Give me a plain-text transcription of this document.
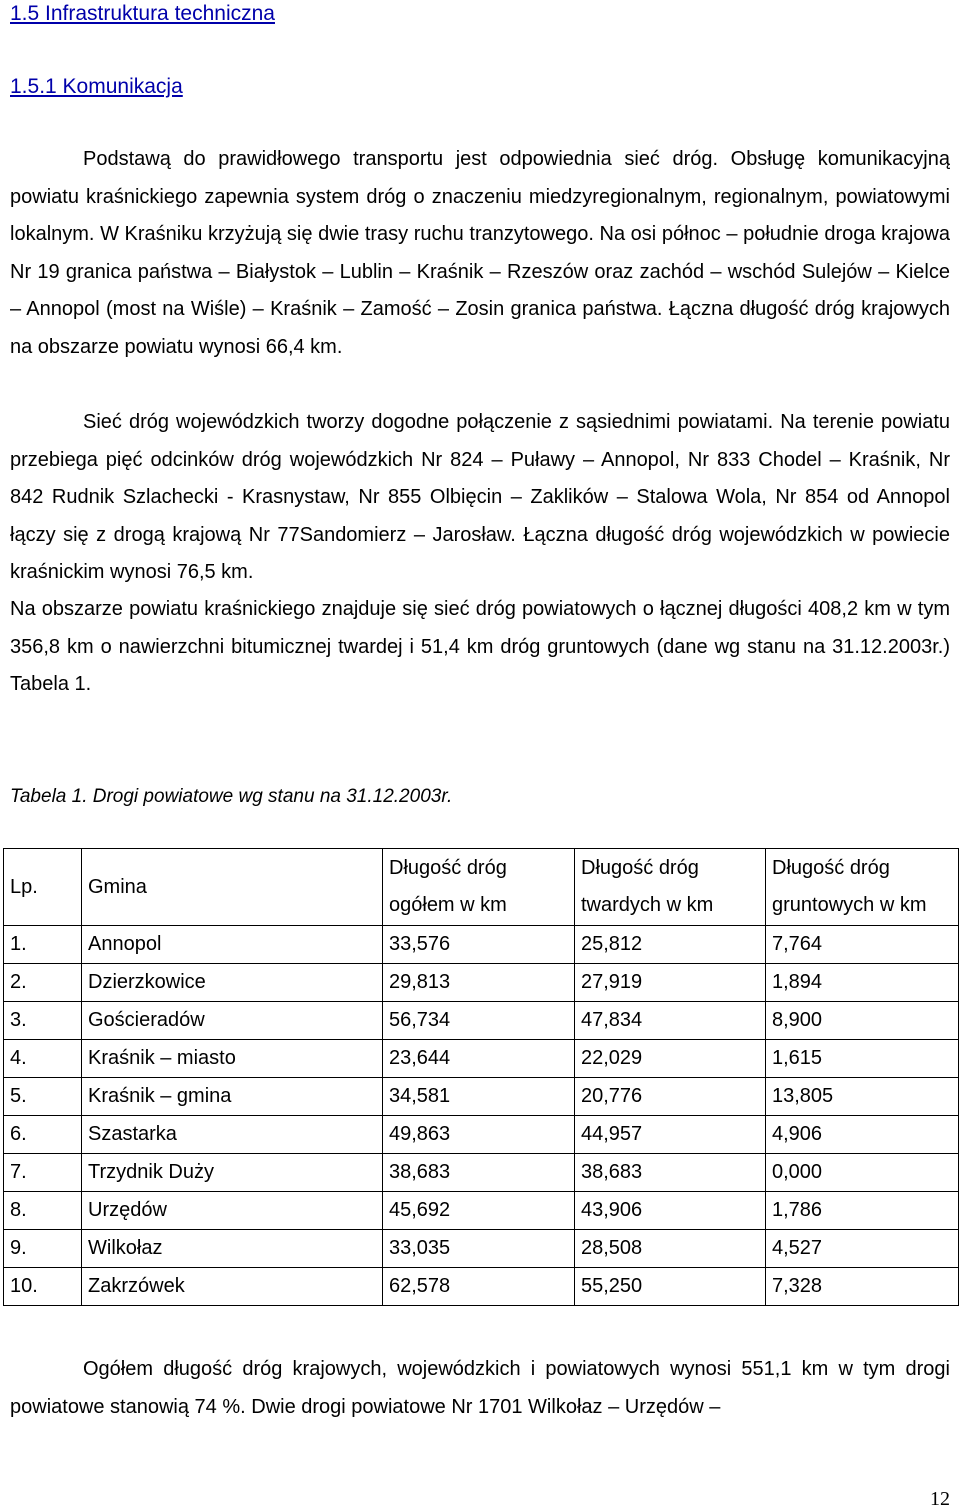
1.5 Infrastruktura techniczna
1.5.1 Komunikacja

Podstawą do prawidłowego transportu jest odpowiednia sieć dróg. Obsługę komunikacyjną powiatu kraśnickiego zapewnia system dróg o znaczeniu miedzyregionalnym, regionalnym, powiatowymi lokalnym. W Kraśniku krzyżują się dwie trasy ruchu tranzytowego. Na osi północ – południe droga krajowa Nr 19 granica państwa – Białystok – Lublin – Kraśnik – Rzeszów oraz zachód – wschód Sulejów – Kielce – Annopol (most na Wiśle) – Kraśnik – Zamość – Zosin granica państwa. Łączna długość dróg krajowych na obszarze powiatu wynosi 66,4 km.

Sieć dróg wojewódzkich tworzy dogodne połączenie z sąsiednimi powiatami. Na terenie powiatu przebiega pięć odcinków dróg wojewódzkich Nr 824 – Puławy – Annopol, Nr 833 Chodel – Kraśnik, Nr 842 Rudnik Szlachecki - Krasnystaw, Nr 855 Olbięcin – Zaklików – Stalowa Wola, Nr 854 od Annopol łączy się z drogą krajową Nr 77Sandomierz – Jarosław. Łączna długość dróg wojewódzkich w powiecie kraśnickim wynosi 76,5 km.

Na obszarze powiatu kraśnickiego znajduje się sieć dróg powiatowych o łącznej długości 408,2 km w tym 356,8 km o nawierzchni bitumicznej twardej i 51,4 km dróg gruntowych (dane wg stanu na 31.12.2003r.) Tabela 1.

Tabela 1. Drogi powiatowe wg stanu na 31.12.2003r.

Lp.	Gmina	Długość dróg ogółem w km	Długość dróg twardych w km	Długość dróg gruntowych w km
1.	Annopol	33,576	25,812	7,764
2.	Dzierzkowice	29,813	27,919	1,894
3.	Gościeradów	56,734	47,834	8,900
4.	Kraśnik – miasto	23,644	22,029	1,615
5.	Kraśnik – gmina	34,581	20,776	13,805
6.	Szastarka	49,863	44,957	4,906
7.	Trzydnik Duży	38,683	38,683	0,000
8.	Urzędów	45,692	43,906	1,786
9.	Wilkołaz	33,035	28,508	4,527
10.	Zakrzówek	62,578	55,250	7,328

Ogółem długość dróg krajowych, wojewódzkich i powiatowych wynosi 551,1 km w tym drogi powiatowe stanowią 74 %. Dwie drogi powiatowe Nr 1701 Wilkołaz – Urzędów –

12
